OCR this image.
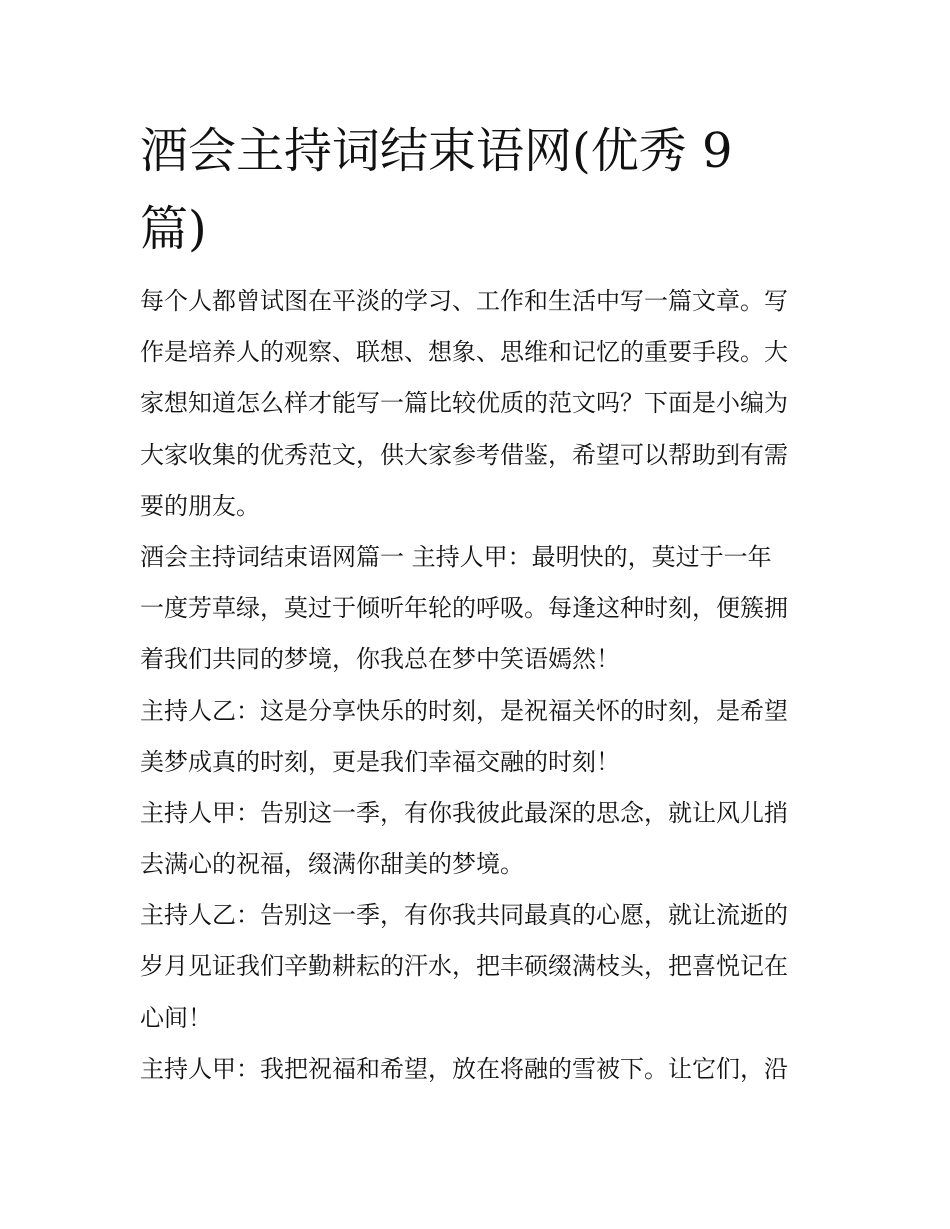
酒会主持词结束语网(优秀 9
篇)
每个人都曾试图在平淡的学习、工作和生活中写一篇文章。写
作是培养人的观察、联想、想象、思维和记忆的重要手段。大
家想知道怎么样才能写一篇比较优质的范文吗？下面是小编为
大家收集的优秀范文，供大家参考借鉴，希望可以帮助到有需
要的朋友。
酒会主持词结束语网篇一 主持人甲：最明快的，莫过于一年
一度芳草绿，莫过于倾听年轮的呼吸。每逢这种时刻，便簇拥
着我们共同的梦境，你我总在梦中笑语嫣然！
主持人乙：这是分享快乐的时刻，是祝福关怀的时刻，是希望
美梦成真的时刻，更是我们幸福交融的时刻！
主持人甲：告别这一季，有你我彼此最深的思念，就让风儿捎
去满心的祝福，缀满你甜美的梦境。
主持人乙：告别这一季，有你我共同最真的心愿，就让流逝的
岁月见证我们辛勤耕耘的汗水，把丰硕缀满枝头，把喜悦记在
心间！
主持人甲：我把祝福和希望，放在将融的雪被下。让它们，沿
